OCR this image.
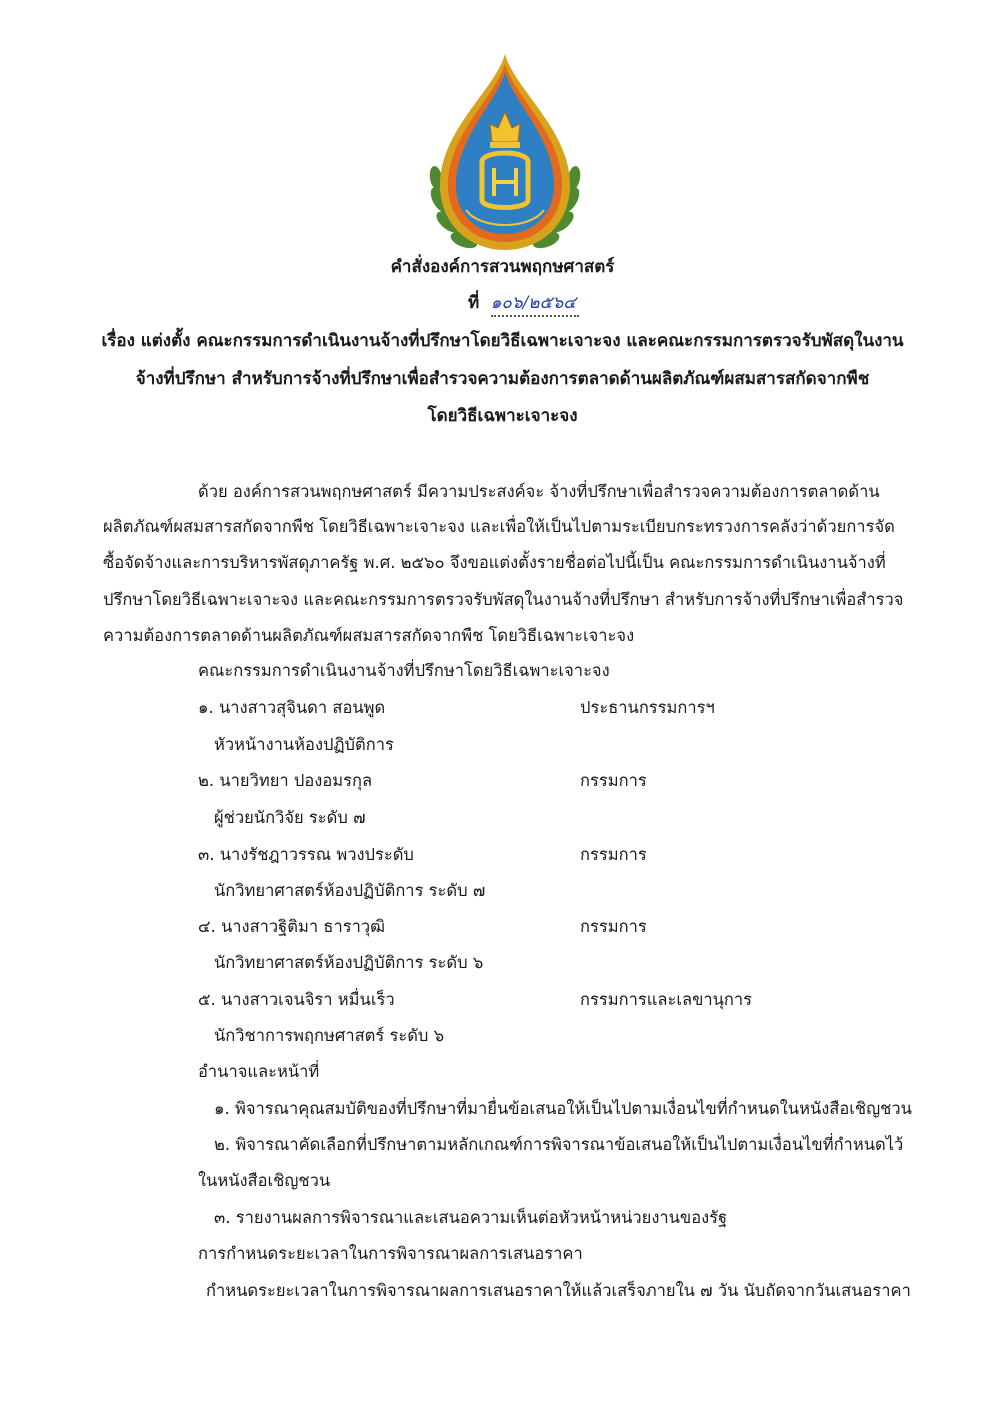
คำสั่งองค์การสวนพฤกษศาสตร์
ที่ ๑๐๖/๒๕๖๔
เรื่อง แต่งตั้ง คณะกรรมการดำเนินงานจ้างที่ปรึกษาโดยวิธีเฉพาะเจาะจง และคณะกรรมการตรวจรับพัสดุในงาน
จ้างที่ปรึกษา สำหรับการจ้างที่ปรึกษาเพื่อสำรวจความต้องการตลาดด้านผลิตภัณฑ์ผสมสารสกัดจากพืช
โดยวิธีเฉพาะเจาะจง
ด้วย องค์การสวนพฤกษศาสตร์ มีความประสงค์จะ จ้างที่ปรึกษาเพื่อสำรวจความต้องการตลาดด้าน
ผลิตภัณฑ์ผสมสารสกัดจากพืช โดยวิธีเฉพาะเจาะจง และเพื่อให้เป็นไปตามระเบียบกระทรวงการคลังว่าด้วยการจัด
ซื้อจัดจ้างและการบริหารพัสดุภาครัฐ พ.ศ. ๒๕๖๐ จึงขอแต่งตั้งรายชื่อต่อไปนี้เป็น คณะกรรมการดำเนินงานจ้างที่
ปรึกษาโดยวิธีเฉพาะเจาะจง และคณะกรรมการตรวจรับพัสดุในงานจ้างที่ปรึกษา สำหรับการจ้างที่ปรึกษาเพื่อสำรวจ
ความต้องการตลาดด้านผลิตภัณฑ์ผสมสารสกัดจากพืช โดยวิธีเฉพาะเจาะจง
คณะกรรมการดำเนินงานจ้างที่ปรึกษาโดยวิธีเฉพาะเจาะจง
๑. นางสาวสุจินดา สอนพูด	ประธานกรรมการฯ
หัวหน้างานห้องปฏิบัติการ
๒. นายวิทยา ปองอมรกุล	กรรมการ
ผู้ช่วยนักวิจัย ระดับ ๗
๓. นางรัชฎาวรรณ พวงประดับ	กรรมการ
นักวิทยาศาสตร์ห้องปฏิบัติการ ระดับ ๗
๔. นางสาวฐิติมา ธาราวุฒิ	กรรมการ
นักวิทยาศาสตร์ห้องปฏิบัติการ ระดับ ๖
๕. นางสาวเจนจิรา หมื่นเร็ว	กรรมการและเลขานุการ
นักวิชาการพฤกษศาสตร์ ระดับ ๖
อำนาจและหน้าที่
๑. พิจารณาคุณสมบัติของที่ปรึกษาที่มายื่นข้อเสนอให้เป็นไปตามเงื่อนไขที่กำหนดในหนังสือเชิญชวน
๒. พิจารณาคัดเลือกที่ปรึกษาตามหลักเกณฑ์การพิจารณาข้อเสนอให้เป็นไปตามเงื่อนไขที่กำหนดไว้
ในหนังสือเชิญชวน
๓. รายงานผลการพิจารณาและเสนอความเห็นต่อหัวหน้าหน่วยงานของรัฐ
การกำหนดระยะเวลาในการพิจารณาผลการเสนอราคา
กำหนดระยะเวลาในการพิจารณาผลการเสนอราคาให้แล้วเสร็จภายใน ๗ วัน นับถัดจากวันเสนอราคา
